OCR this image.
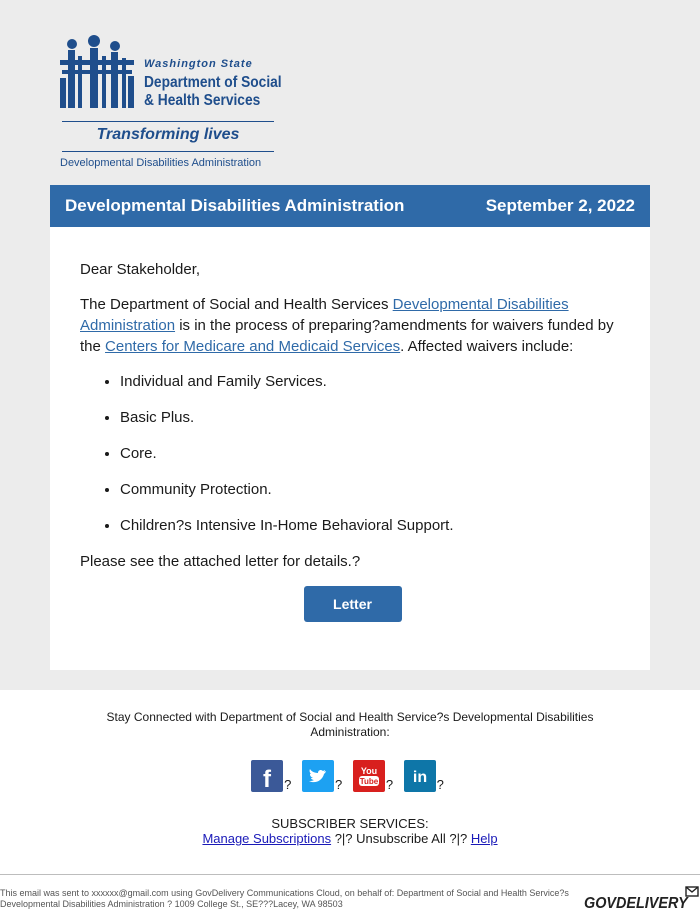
Washington State
Department of Social
& Health Services
Transforming lives
Developmental Disabilities Administration
Developmental Disabilities Administration	September 2, 2022

Dear Stakeholder,

The Department of Social and Health Services Developmental Disabilities Administration is in the process of preparing?amendments for waivers funded by the Centers for Medicare and Medicaid Services. Affected waivers include:

• Individual and Family Services.
• Basic Plus.
• Core.
• Community Protection.
• Children?s Intensive In-Home Behavioral Support.

Please see the attached letter for details.?

Letter
Stay Connected with Department of Social and Health Service?s Developmental Disabilities Administration:
f ?	?
You
Tube ? in ?
SUBSCRIBER SERVICES:
Manage Subscriptions ?|? Unsubscribe All ?|? Help
This email was sent to xxxxxx@gmail.com using GovDelivery Communications Cloud, on behalf of: Department of Social and Health Service?s Developmental Disabilities Administration ? 1009 College St., SE???Lacey, WA 98503	GOVDELIVERY
